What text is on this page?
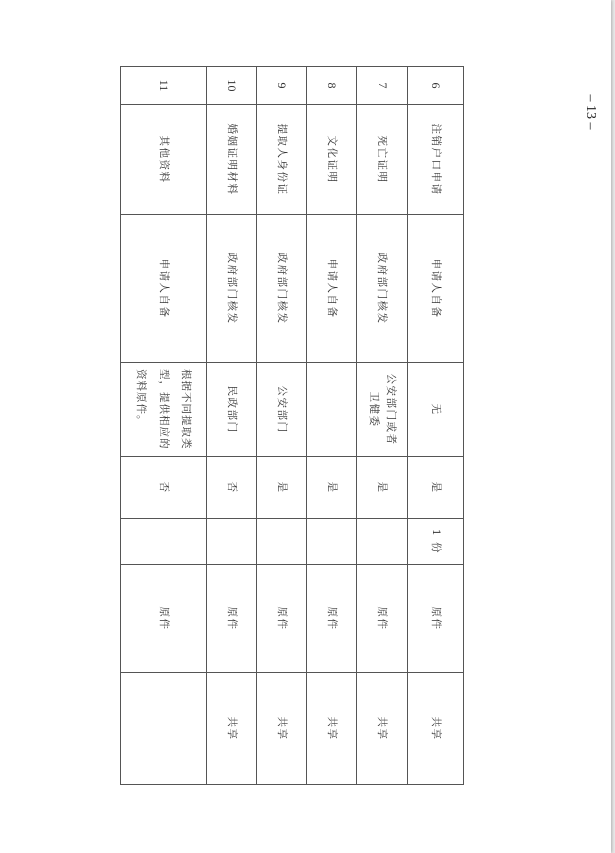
– 13 –
6	注销户口申请	申请人自备	无	是	1 份	原件	共享
7	死亡证明	政府部门核发	公安部门或者卫健委	是		原件	共享
8	文化证明	申请人自备		是		原件	共享
9	提取人身份证	政府部门核发	公安部门	是		原件	共享
10	婚姻证明材料	政府部门核发	民政部门	否		原件	共享
11	其他资料	申请人自备	根据不同提取类型，提供相应的资料原件。	否		原件	
